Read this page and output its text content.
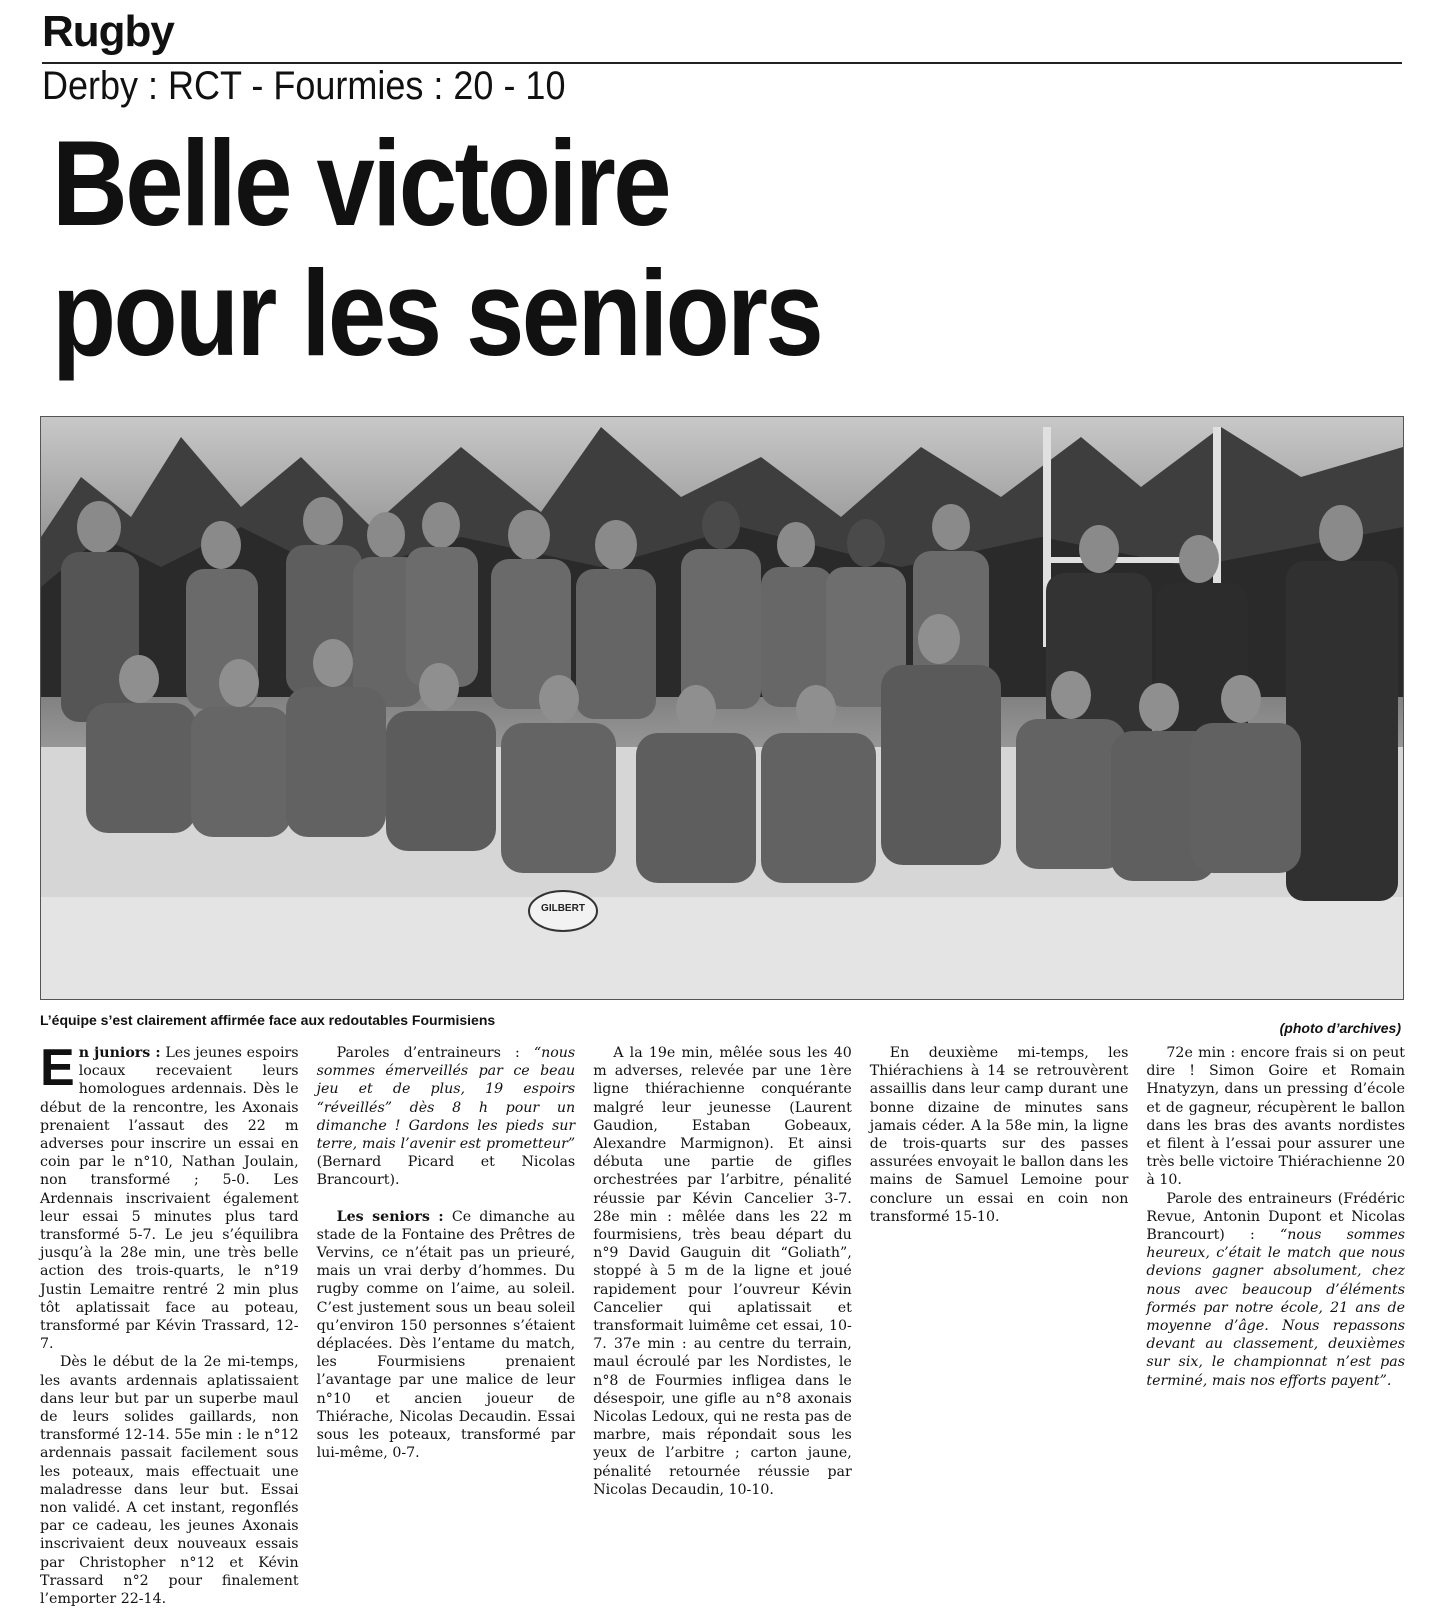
Rugby
Derby : RCT - Fourmies : 20 - 10
Belle victoire
pour les seniors
GILBERT
L’équipe s’est clairement affirmée face aux redoutables Fourmisiens	(photo d’archives)

En juniors : Les jeunes espoirs locaux recevaient leurs homologues ardennais. Dès le début de la rencontre, les Axonais prenaient l’assaut des 22 m adverses pour inscrire un essai en coin par le n°10, Nathan Joulain, non transformé ; 5-0. Les Ardennais inscrivaient également leur essai 5 minutes plus tard transformé 5-7. Le jeu s’équilibra jusqu’à la 28e min, une très belle action des trois-quarts, le n°19 Justin Lemaitre rentré 2 min plus tôt aplatissait face au poteau, transformé par Kévin Trassard, 12-7.

Dès le début de la 2e mi-temps, les avants ardennais aplatissaient dans leur but par un superbe maul de leurs solides gaillards, non transformé 12-14. 55e min : le n°12 ardennais passait facilement sous les poteaux, mais effectuait une maladresse dans leur but. Essai non validé. A cet instant, regonflés par ce cadeau, les jeunes Axonais inscrivaient deux nouveaux essais par Christopher n°12 et Kévin Trassard n°2 pour finalement l’emporter 22-14.

Paroles d’entraineurs : “nous sommes émerveillés par ce beau jeu et de plus, 19 espoirs “réveillés” dès 8 h pour un dimanche ! Gardons les pieds sur terre, mais l’avenir est prometteur” (Bernard Picard et Nicolas Brancourt).

Les seniors : Ce dimanche au stade de la Fontaine des Prêtres de Vervins, ce n’était pas un prieuré, mais un vrai derby d’hommes. Du rugby comme on l’aime, au soleil. C’est justement sous un beau soleil qu’environ 150 personnes s’étaient déplacées. Dès l’entame du match, les Fourmisiens prenaient l’avantage par une malice de leur n°10 et ancien joueur de Thiérache, Nicolas Decaudin. Essai sous les poteaux, transformé par lui-même, 0-7.

A la 19e min, mêlée sous les 40 m adverses, relevée par une 1ère ligne thiérachienne conquérante malgré leur jeunesse (Laurent Gaudion, Estaban Gobeaux, Alexandre Marmignon). Et ainsi débuta une partie de gifles orchestrées par l’arbitre, pénalité réussie par Kévin Cancelier 3-7. 28e min : mêlée dans les 22 m fourmisiens, très beau départ du n°9 David Gauguin dit “Goliath”, stoppé à 5 m de la ligne et joué rapidement pour l’ouvreur Kévin Cancelier qui aplatissait et transformait luimême cet essai, 10-7. 37e min : au centre du terrain, maul écroulé par les Nordistes, le n°8 de Fourmies infligea dans le désespoir, une gifle au n°8 axonais Nicolas Ledoux, qui ne resta pas de marbre, mais répondait sous les yeux de l’arbitre ; carton jaune, pénalité retournée réussie par Nicolas Decaudin, 10-10.

En deuxième mi-temps, les Thiérachiens à 14 se retrouvèrent assaillis dans leur camp durant une bonne dizaine de minutes sans jamais céder. A la 58e min, la ligne de trois-quarts sur des passes assurées envoyait le ballon dans les mains de Samuel Lemoine pour conclure un essai en coin non transformé 15-10.

72e min : encore frais si on peut dire ! Simon Goire et Romain Hnatyzyn, dans un pressing d’école et de gagneur, récupèrent le ballon dans les bras des avants nordistes et filent à l’essai pour assurer une très belle victoire Thiérachienne 20 à 10.

Parole des entraineurs (Frédéric Revue, Antonin Dupont et Nicolas Brancourt) : “nous sommes heureux, c’était le match que nous devions gagner absolument, chez nous avec beaucoup d’éléments formés par notre école, 21 ans de moyenne d’âge. Nous repassons devant au classement, deuxièmes sur six, le championnat n’est pas terminé, mais nos efforts payent”.
